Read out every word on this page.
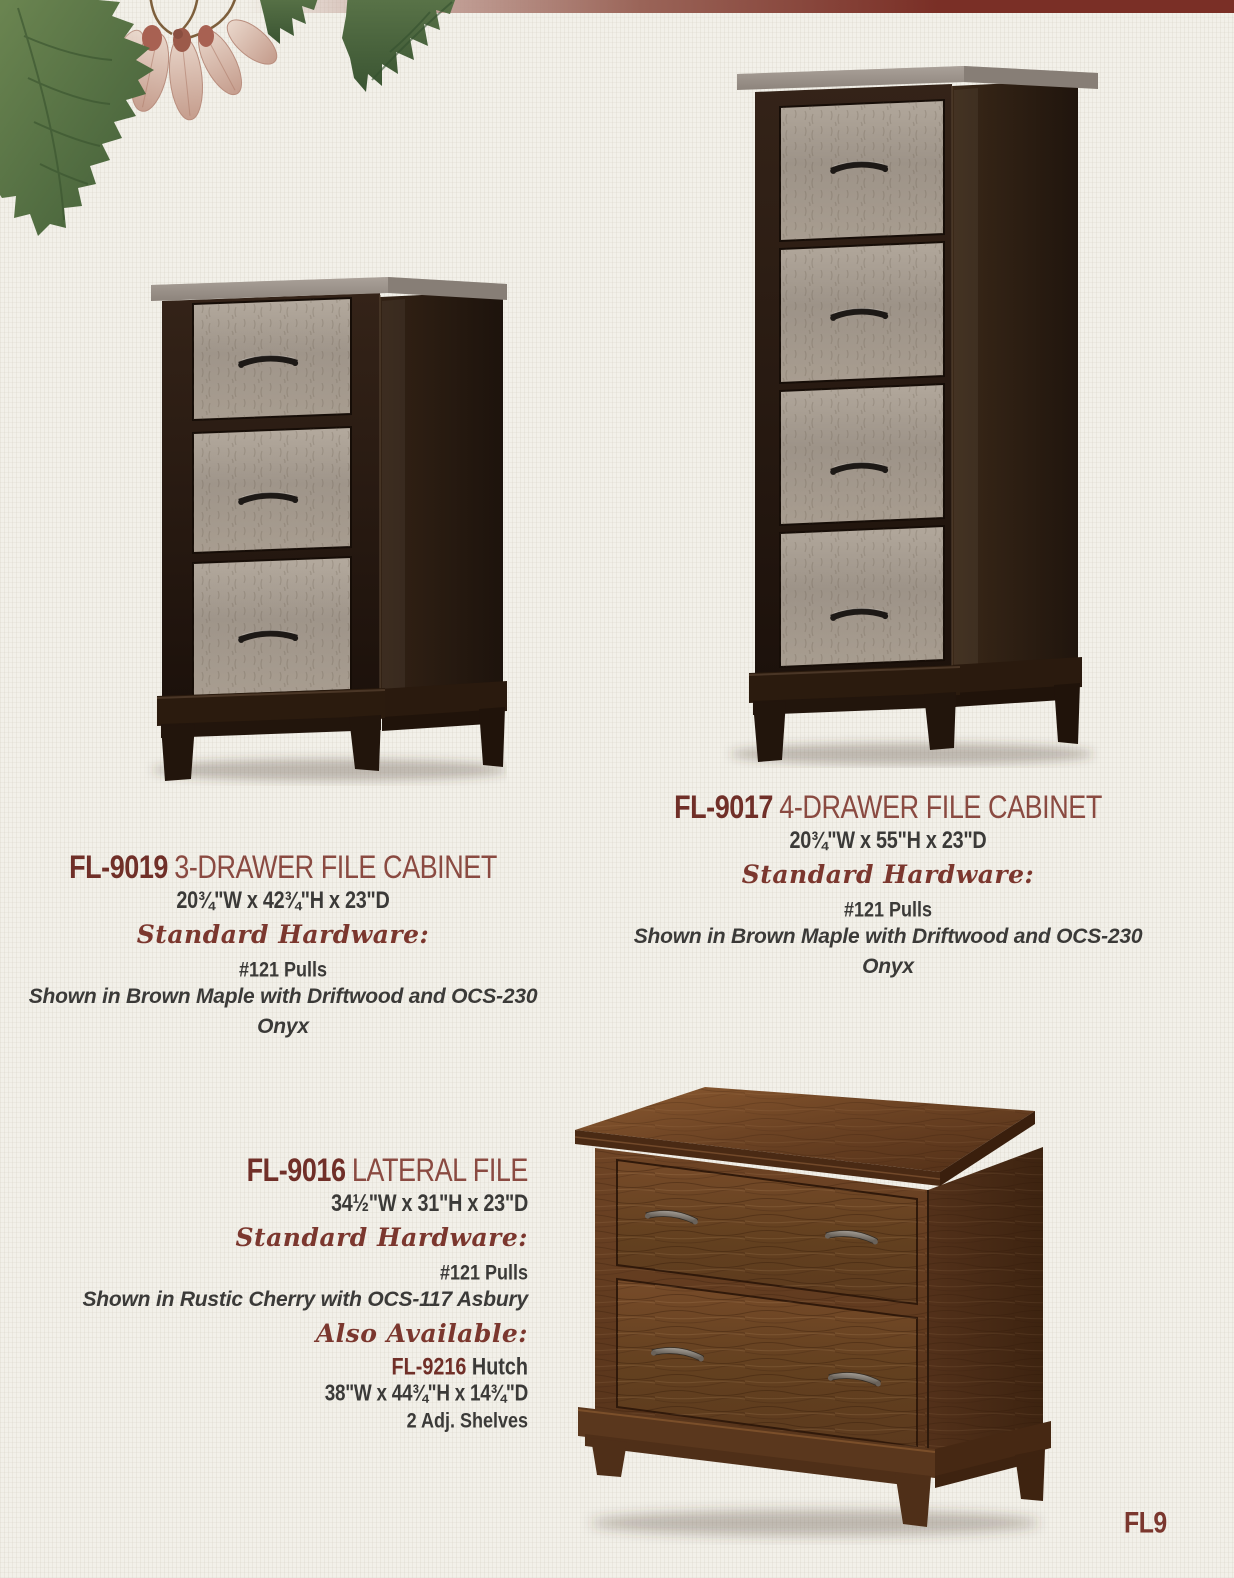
FL-9019 3-DRAWER FILE CABINET

20¾"W x 42¾"H x 23"D

Standard Hardware:

#121 Pulls

Shown in Brown Maple with Driftwood and OCS-230 Onyx

FL-9017 4-DRAWER FILE CABINET

20¾"W x 55"H x 23"D

Standard Hardware:

#121 Pulls

Shown in Brown Maple with Driftwood and OCS-230 Onyx

FL-9016 LATERAL FILE

34½"W x 31"H x 23"D

Standard Hardware:

#121 Pulls

Shown in Rustic Cherry with OCS-117 Asbury

Also Available:

FL-9216 Hutch

38"W x 44¾"H x 14¾"D

2 Adj. Shelves

FL9
